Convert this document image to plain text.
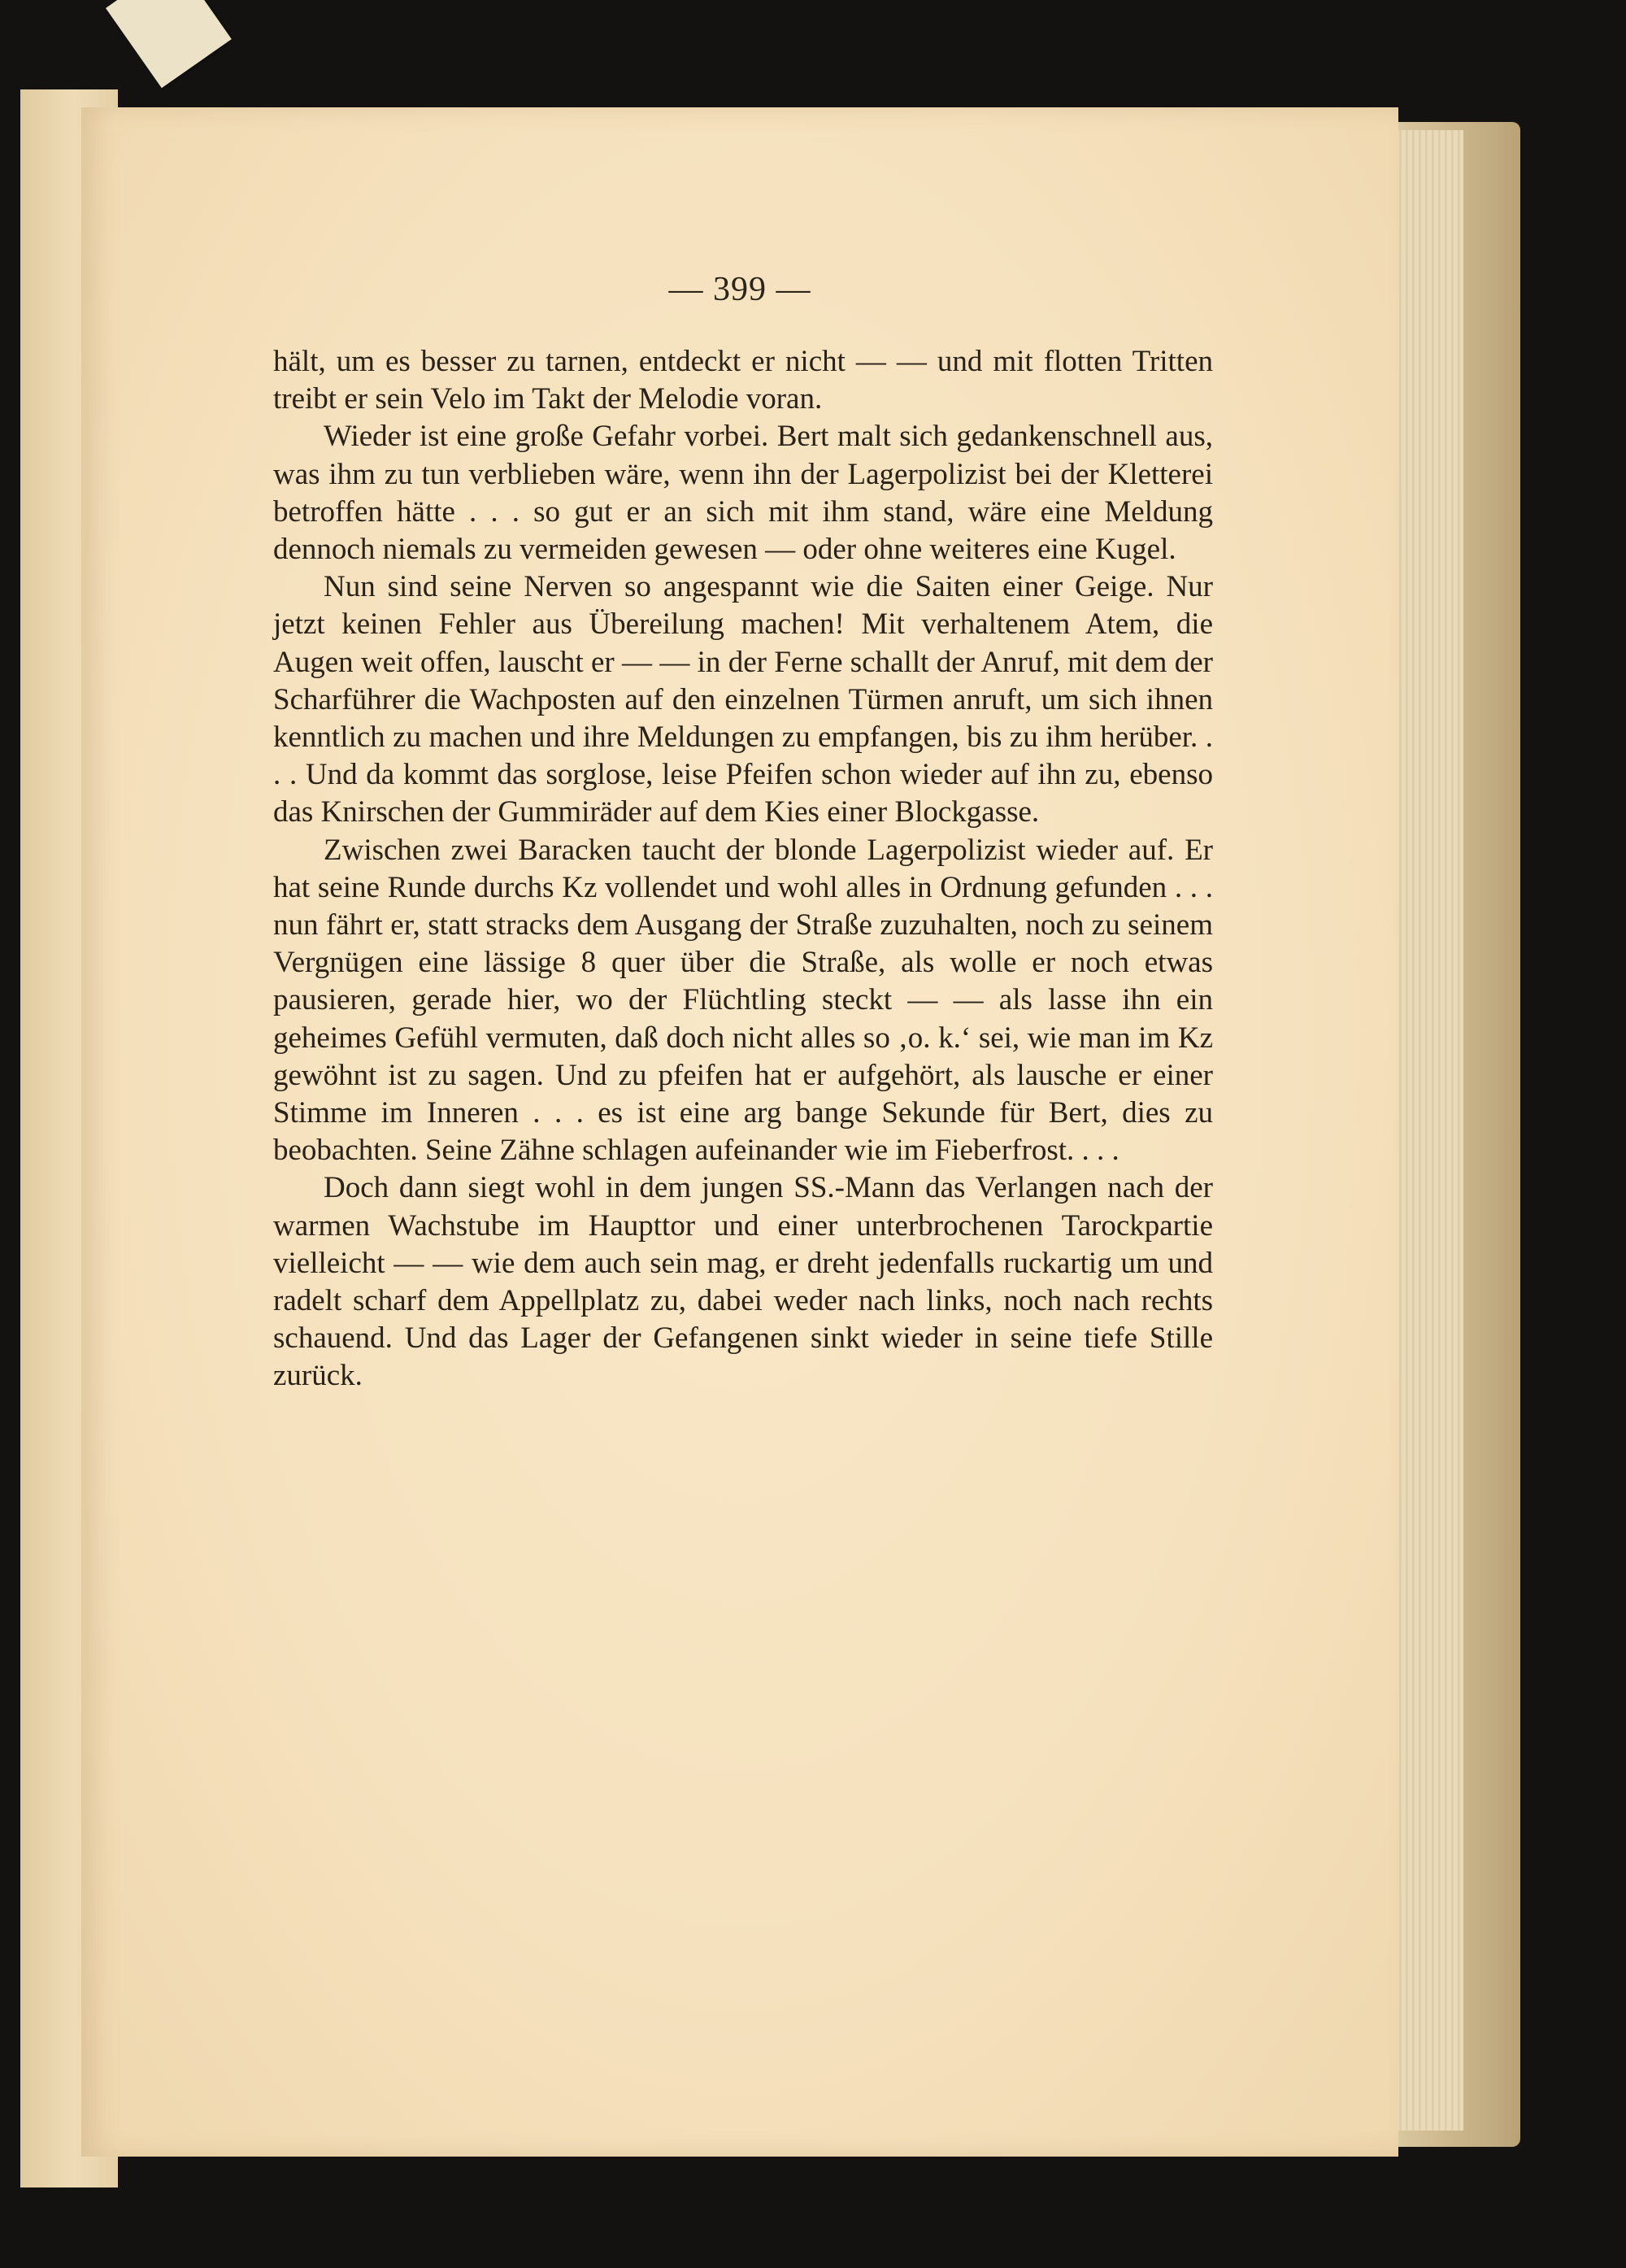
— 399 —

hält, um es besser zu tarnen, entdeckt er nicht — — und mit flotten Tritten treibt er sein Velo im Takt der Melodie voran.

Wieder ist eine große Gefahr vorbei. Bert malt sich gedankenschnell aus, was ihm zu tun verblieben wäre, wenn ihn der Lagerpolizist bei der Kletterei betroffen hätte . . . so gut er an sich mit ihm stand, wäre eine Meldung dennoch niemals zu vermeiden gewesen — oder ohne weiteres eine Kugel.

Nun sind seine Nerven so angespannt wie die Saiten einer Geige. Nur jetzt keinen Fehler aus Übereilung machen! Mit verhaltenem Atem, die Augen weit offen, lauscht er — — in der Ferne schallt der Anruf, mit dem der Scharführer die Wachposten auf den einzelnen Türmen anruft, um sich ihnen kenntlich zu machen und ihre Meldungen zu empfangen, bis zu ihm herüber. . . . Und da kommt das sorglose, leise Pfeifen schon wieder auf ihn zu, ebenso das Knirschen der Gummiräder auf dem Kies einer Blockgasse.

Zwischen zwei Baracken taucht der blonde Lagerpolizist wieder auf. Er hat seine Runde durchs Kz vollendet und wohl alles in Ordnung gefunden . . . nun fährt er, statt stracks dem Ausgang der Straße zuzuhalten, noch zu seinem Vergnügen eine lässige 8 quer über die Straße, als wolle er noch etwas pausieren, gerade hier, wo der Flüchtling steckt — — als lasse ihn ein geheimes Gefühl vermuten, daß doch nicht alles so ‚o. k.‘ sei, wie man im Kz gewöhnt ist zu sagen. Und zu pfeifen hat er aufgehört, als lausche er einer Stimme im Inneren . . . es ist eine arg bange Sekunde für Bert, dies zu beobachten. Seine Zähne schlagen aufeinander wie im Fieberfrost. . . .

Doch dann siegt wohl in dem jungen SS.-Mann das Verlangen nach der warmen Wachstube im Haupttor und einer unterbrochenen Tarockpartie vielleicht — — wie dem auch sein mag, er dreht jedenfalls ruckartig um und radelt scharf dem Appellplatz zu, dabei weder nach links, noch nach rechts schauend. Und das Lager der Gefangenen sinkt wieder in seine tiefe Stille zurück.
